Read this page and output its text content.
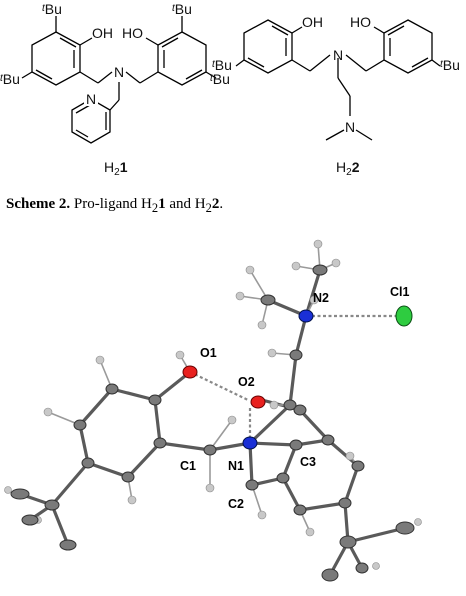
$^t$Bu	$^t$Bu
$^t$Bu	$^t$Bu
OH HO
N
N
$H_21$
OH HO
N
N
$^t$Bu	$^t$Bu
$H_22$
O1
O2
N1
N2
C1
C2
C3
Cl1
Scheme 2. Pro-ligand $H_21$ and $H_22$.
